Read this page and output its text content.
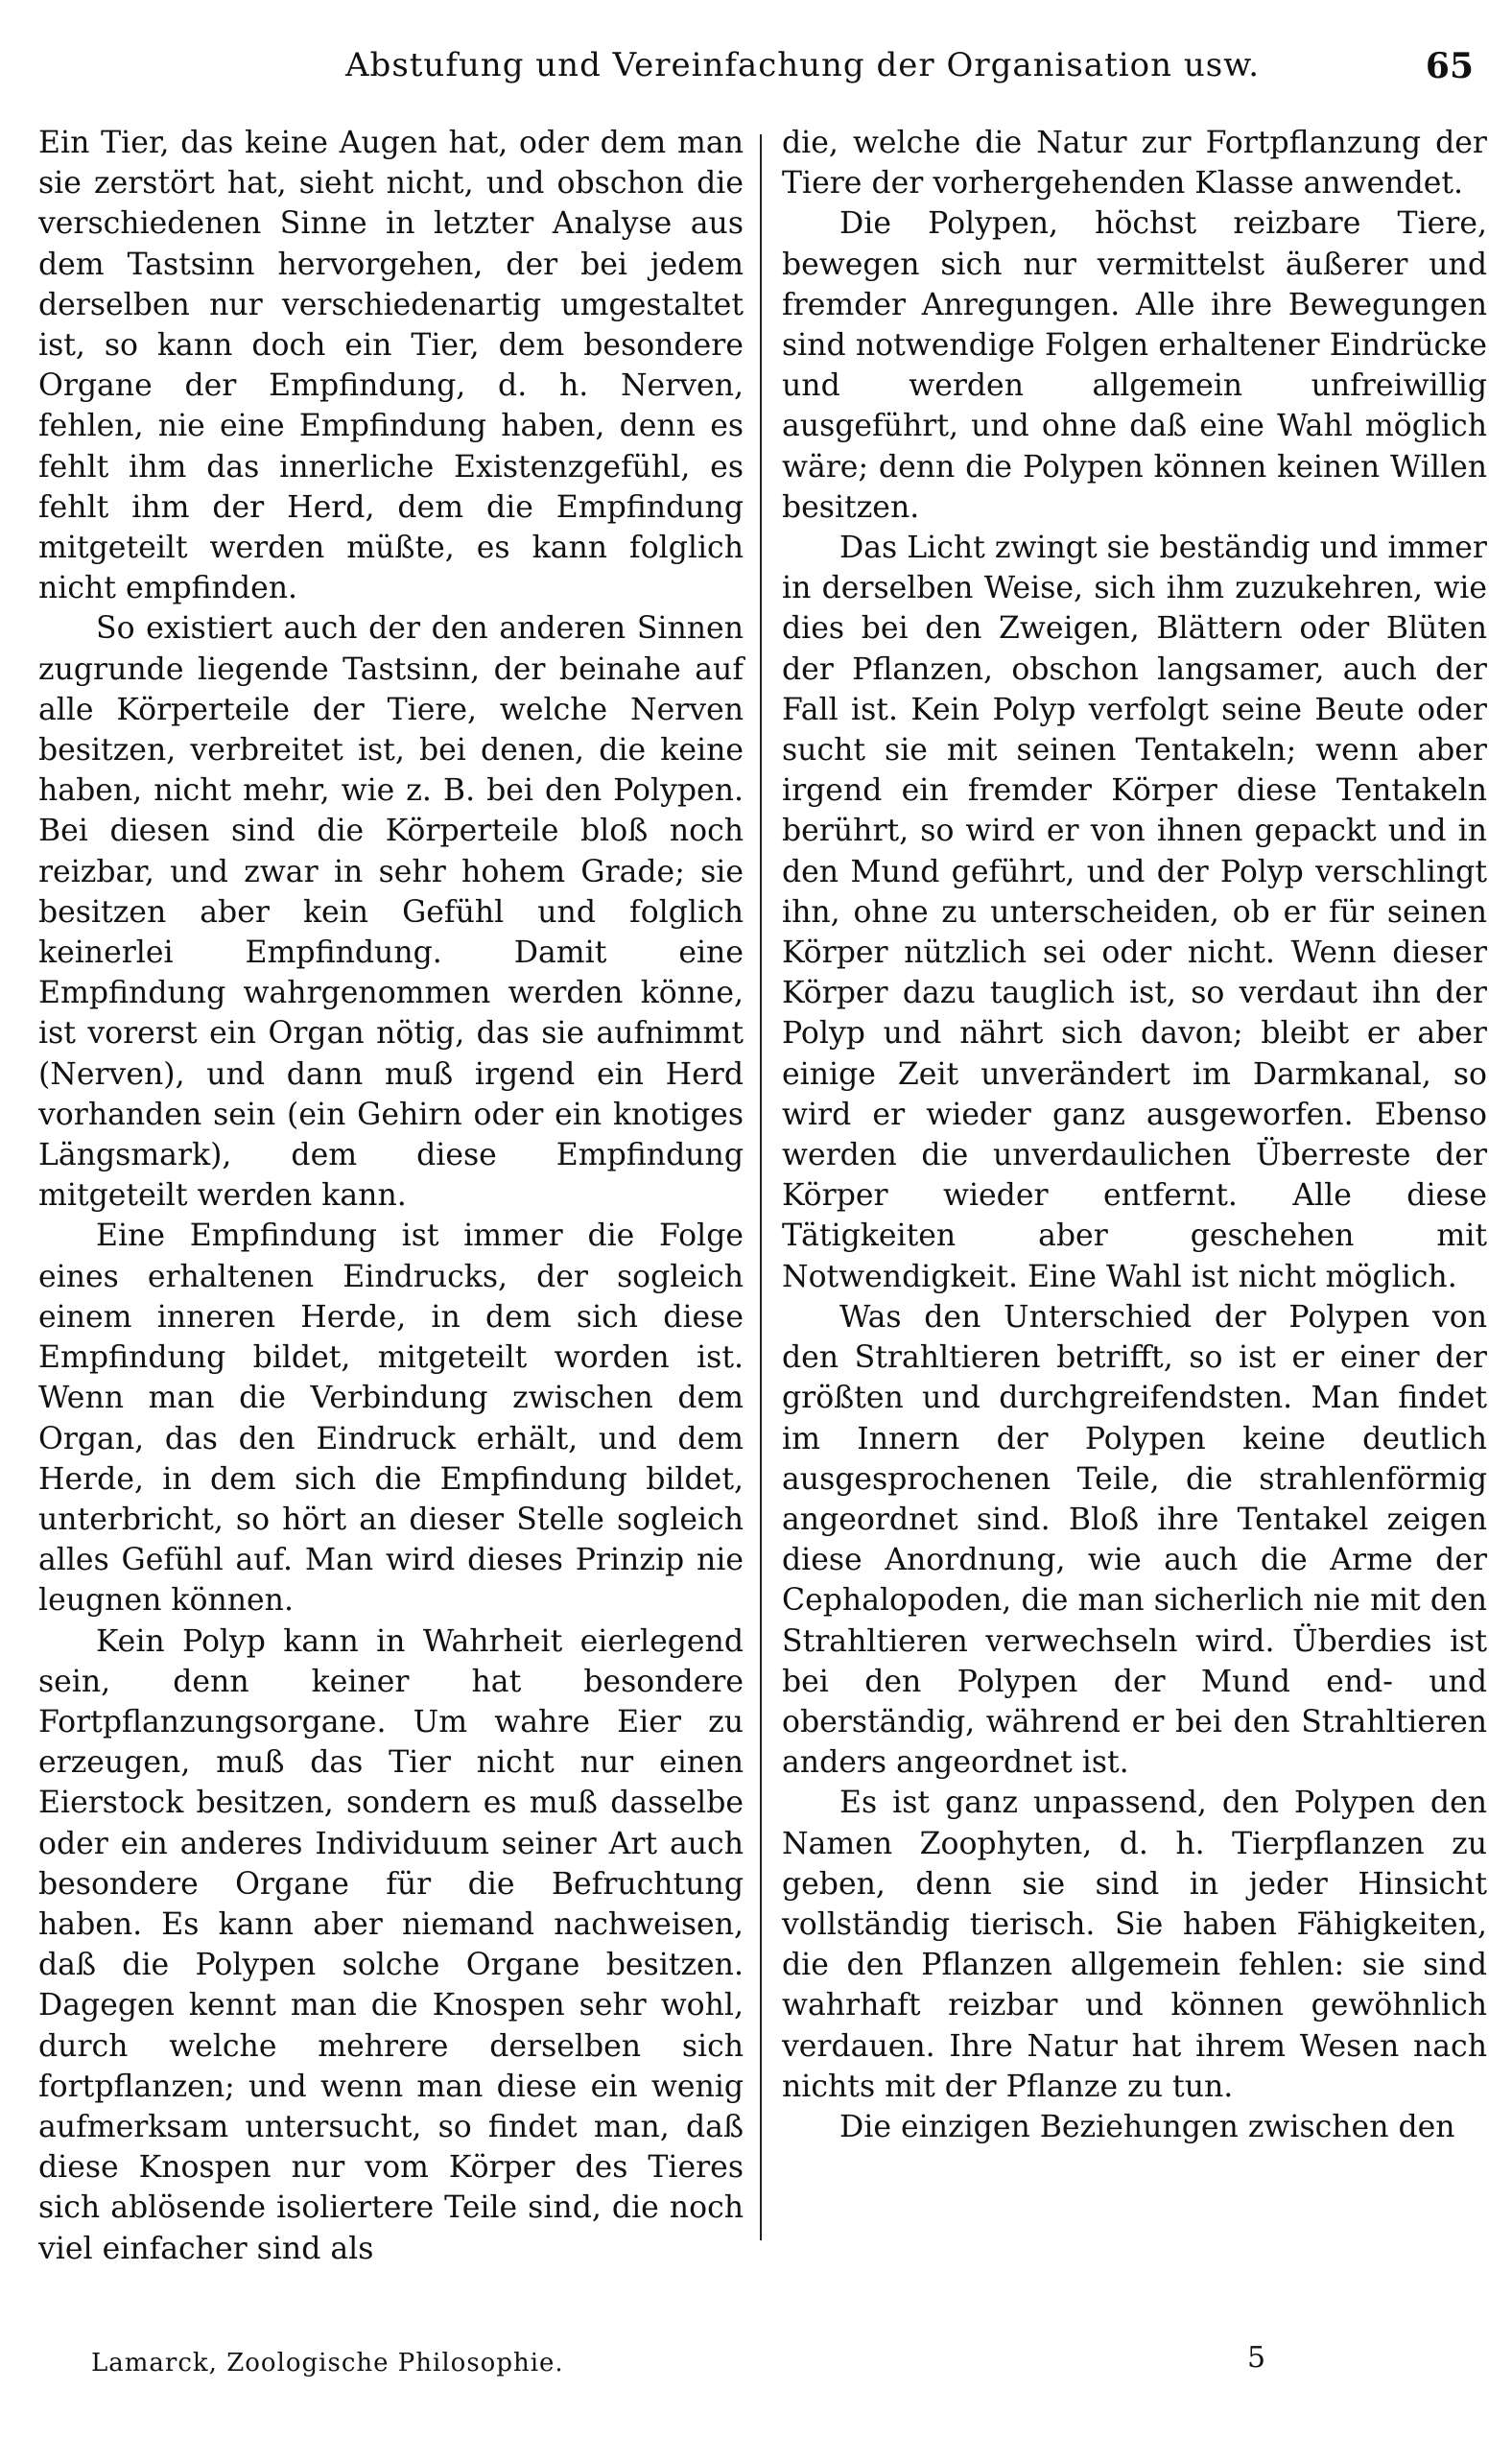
Abstufung und Vereinfachung der Organisation usw.	65

Ein Tier, das keine Augen hat, oder dem man sie zerstört hat, sieht nicht, und obschon die verschiedenen Sinne in letzter Analyse aus dem Tastsinn hervorgehen, der bei jedem derselben nur verschiedenartig umgestaltet ist, so kann doch ein Tier, dem besondere Organe der Empfindung, d. h. Nerven, fehlen, nie eine Empfindung haben, denn es fehlt ihm das innerliche Existenzgefühl, es fehlt ihm der Herd, dem die Empfindung mitgeteilt werden müßte, es kann folglich nicht empfinden.

So existiert auch der den anderen Sinnen zugrunde liegende Tastsinn, der beinahe auf alle Körperteile der Tiere, welche Nerven besitzen, verbreitet ist, bei denen, die keine haben, nicht mehr, wie z. B. bei den Polypen. Bei diesen sind die Körperteile bloß noch reizbar, und zwar in sehr hohem Grade; sie besitzen aber kein Gefühl und folglich keinerlei Empfindung. Damit eine Empfindung wahrgenommen werden könne, ist vorerst ein Organ nötig, das sie aufnimmt (Nerven), und dann muß irgend ein Herd vorhanden sein (ein Gehirn oder ein knotiges Längsmark), dem diese Empfindung mitgeteilt werden kann.

Eine Empfindung ist immer die Folge eines erhaltenen Eindrucks, der sogleich einem inneren Herde, in dem sich diese Empfindung bildet, mitgeteilt worden ist. Wenn man die Verbindung zwischen dem Organ, das den Eindruck erhält, und dem Herde, in dem sich die Empfindung bildet, unterbricht, so hört an dieser Stelle sogleich alles Gefühl auf. Man wird dieses Prinzip nie leugnen können.

Kein Polyp kann in Wahrheit eierlegend sein, denn keiner hat besondere Fortpflanzungsorgane. Um wahre Eier zu erzeugen, muß das Tier nicht nur einen Eierstock besitzen, sondern es muß dasselbe oder ein anderes Individuum seiner Art auch besondere Organe für die Befruchtung haben. Es kann aber niemand nachweisen, daß die Polypen solche Organe besitzen. Dagegen kennt man die Knospen sehr wohl, durch welche mehrere derselben sich fortpflanzen; und wenn man diese ein wenig aufmerksam untersucht, so findet man, daß diese Knospen nur vom Körper des Tieres sich ablösende isoliertere Teile sind, die noch viel einfacher sind als

die, welche die Natur zur Fortpflanzung der Tiere der vorhergehenden Klasse anwendet.

Die Polypen, höchst reizbare Tiere, bewegen sich nur vermittelst äußerer und fremder Anregungen. Alle ihre Bewegungen sind notwendige Folgen erhaltener Eindrücke und werden allgemein unfreiwillig ausgeführt, und ohne daß eine Wahl möglich wäre; denn die Polypen können keinen Willen besitzen.

Das Licht zwingt sie beständig und immer in derselben Weise, sich ihm zuzukehren, wie dies bei den Zweigen, Blättern oder Blüten der Pflanzen, obschon langsamer, auch der Fall ist. Kein Polyp verfolgt seine Beute oder sucht sie mit seinen Tentakeln; wenn aber irgend ein fremder Körper diese Tentakeln berührt, so wird er von ihnen gepackt und in den Mund geführt, und der Polyp verschlingt ihn, ohne zu unterscheiden, ob er für seinen Körper nützlich sei oder nicht. Wenn dieser Körper dazu tauglich ist, so verdaut ihn der Polyp und nährt sich davon; bleibt er aber einige Zeit unverändert im Darmkanal, so wird er wieder ganz ausgeworfen. Ebenso werden die unverdaulichen Überreste der Körper wieder entfernt. Alle diese Tätigkeiten aber geschehen mit Notwendigkeit. Eine Wahl ist nicht möglich.

Was den Unterschied der Polypen von den Strahltieren betrifft, so ist er einer der größten und durchgreifendsten. Man findet im Innern der Polypen keine deutlich ausgesprochenen Teile, die strahlenförmig angeordnet sind. Bloß ihre Tentakel zeigen diese Anordnung, wie auch die Arme der Cephalopoden, die man sicherlich nie mit den Strahltieren verwechseln wird. Überdies ist bei den Polypen der Mund end- und oberständig, während er bei den Strahltieren anders angeordnet ist.

Es ist ganz unpassend, den Polypen den Namen Zoophyten, d. h. Tierpflanzen zu geben, denn sie sind in jeder Hinsicht vollständig tierisch. Sie haben Fähigkeiten, die den Pflanzen allgemein fehlen: sie sind wahrhaft reizbar und können gewöhnlich verdauen. Ihre Natur hat ihrem Wesen nach nichts mit der Pflanze zu tun.

Die einzigen Beziehungen zwischen den

Lamarck, Zoologische Philosophie.	5
